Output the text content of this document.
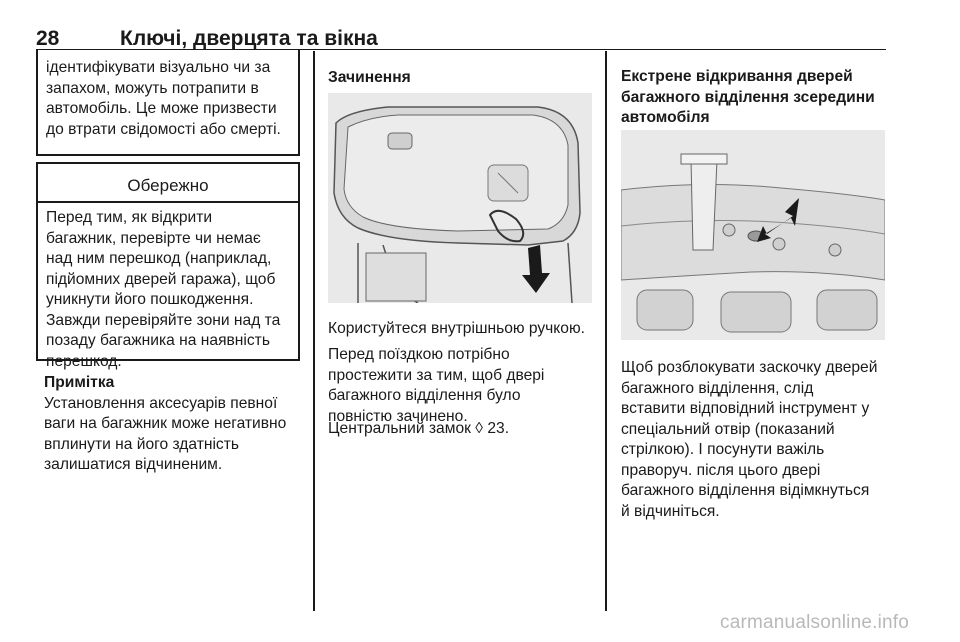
28	Ключі, дверцята та вікна
ідентифікувати візуально чи за
запахом, можуть потрапити в
автомобіль. Це може призвести
до втрати свідомості або смерті.
Обережно
Перед тим, як відкрити
багажник, перевірте чи немає
над ним перешкод (наприклад,
підйомних дверей гаража), щоб
уникнути його пошкодження.
Завжди перевіряйте зони над та
позаду багажника на наявність
перешкод.
Примітка
Установлення аксесуарів певної
ваги на багажник може негативно
вплинути на його здатність
залишатися відчиненим.
Зачинення
Користуйтеся внутрішньою ручкою.
Перед поїздкою потрібно
простежити за тим, щоб двері
багажного відділення було
повністю зачинено.
Центральний замок ◊ 23.
Екстрене відкривання дверей
багажного відділення зсередини
автомобіля
Щоб розблокувати заскочку дверей
багажного відділення, слід
вставити відповідний інструмент у
спеціальний отвір (показаний
стрілкою). І посунути важіль
праворуч. після цього двері
багажного відділення відімкнуться
й відчиніться.
carmanualsonline.info
